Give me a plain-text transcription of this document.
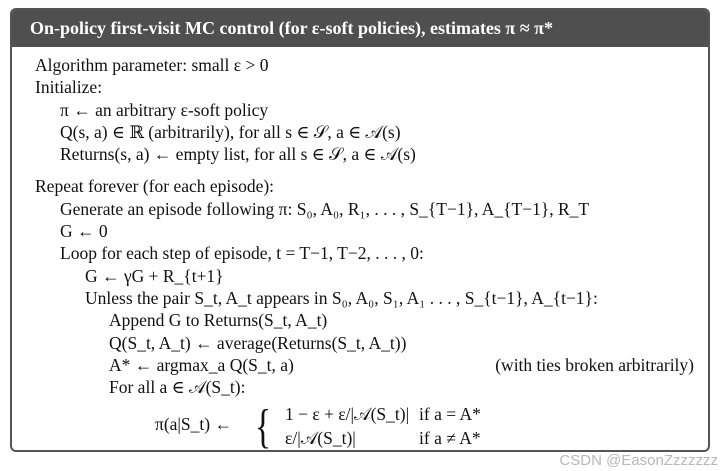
On-policy first-visit MC control (for ε-soft policies), estimates π ≈ π*
Algorithm parameter: small ε > 0
Initialize:
π ← an arbitrary ε-soft policy
Q(s, a) ∈ ℝ (arbitrarily), for all s ∈ 𝒮, a ∈ 𝒜(s)
Returns(s, a) ← empty list, for all s ∈ 𝒮, a ∈ 𝒜(s)
Repeat forever (for each episode):
Generate an episode following π: S₀, A₀, R₁, . . . , S_{T−1}, A_{T−1}, R_T
G ← 0
Loop for each step of episode, t = T−1, T−2, . . . , 0:
G ← γG + R_{t+1}
Unless the pair S_t, A_t appears in S₀, A₀, S₁, A₁ . . . , S_{t−1}, A_{t−1}:
Append G to Returns(S_t, A_t)
Q(S_t, A_t) ← average(Returns(S_t, A_t))
A* ← argmax_a Q(S_t, a)	(with ties broken arbitrarily)
For all a ∈ 𝒜(S_t):
π(a|S_t) ← { 1 − ε + ε/|𝒜(S_t)| if a = A*
ε/|𝒜(S_t)|	if a ≠ A*
CSDN @EasonZzzzzzz
